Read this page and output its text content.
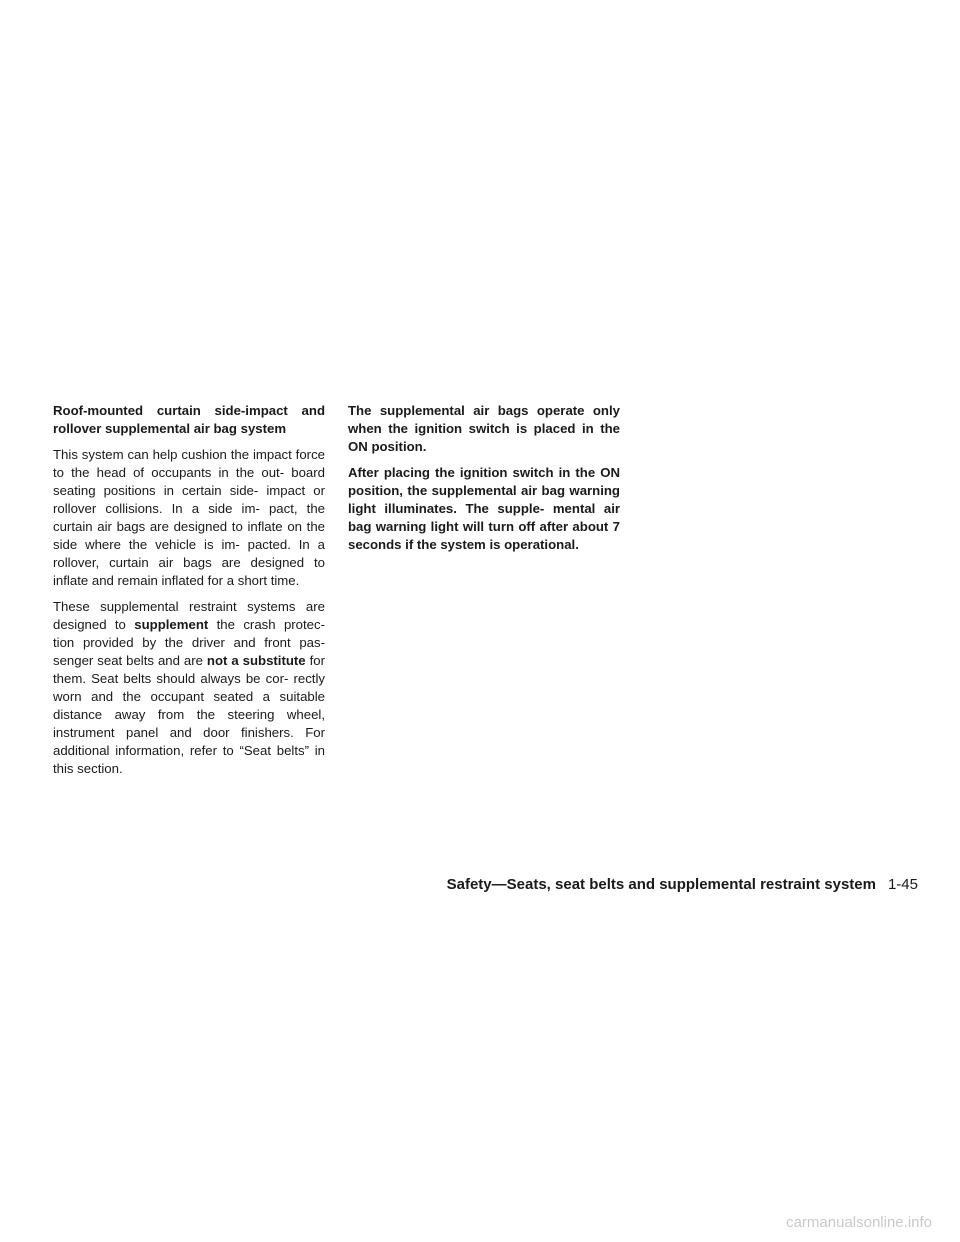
Roof-mounted curtain side-impact and rollover supplemental air bag system

This system can help cushion the impact force to the head of occupants in the out- board seating positions in certain side- impact or rollover collisions. In a side im- pact, the curtain air bags are designed to inflate on the side where the vehicle is im- pacted. In a rollover, curtain air bags are designed to inflate and remain inflated for a short time.

These supplemental restraint systems are designed to supplement the crash protec- tion provided by the driver and front pas- senger seat belts and are not a substitute for them. Seat belts should always be cor- rectly worn and the occupant seated a suitable distance away from the steering wheel, instrument panel and door finishers. For additional information, refer to “Seat belts” in this section.

The supplemental air bags operate only when the ignition switch is placed in the ON position.

After placing the ignition switch in the ON position, the supplemental air bag warning light illuminates. The supple- mental air bag warning light will turn off after about 7 seconds if the system is operational.

Safety—Seats, seat belts and supplemental restraint system 1-45
carmanualsonline.info
